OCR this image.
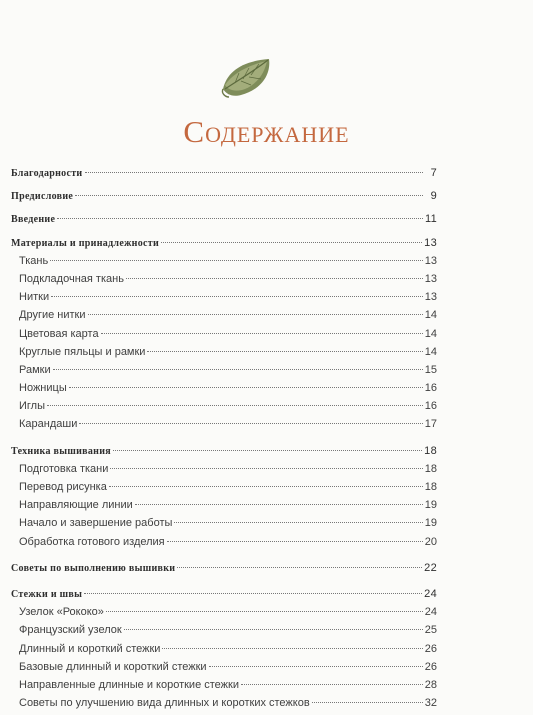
Содержание
Благодарности	7
Предисловие	9
Введение	11
Материалы и принадлежности	13
Ткань	13
Подкладочная ткань	13
Нитки	13
Другие нитки	14
Цветовая карта	14
Круглые пяльцы и рамки	14
Рамки	15
Ножницы	16
Иглы	16
Карандаши	17
Техника вышивания	18
Подготовка ткани	18
Перевод рисунка	18
Направляющие линии	19
Начало и завершение работы	19
Обработка готового изделия	20
Советы по выполнению вышивки	22
Стежки и швы	24
Узелок «Рококо»	24
Французский узелок	25
Длинный и короткий стежки	26
Базовые длинный и короткий стежки	26
Направленные длинные и короткие стежки	28
Советы по улучшению вида длинных и коротких стежков	32
